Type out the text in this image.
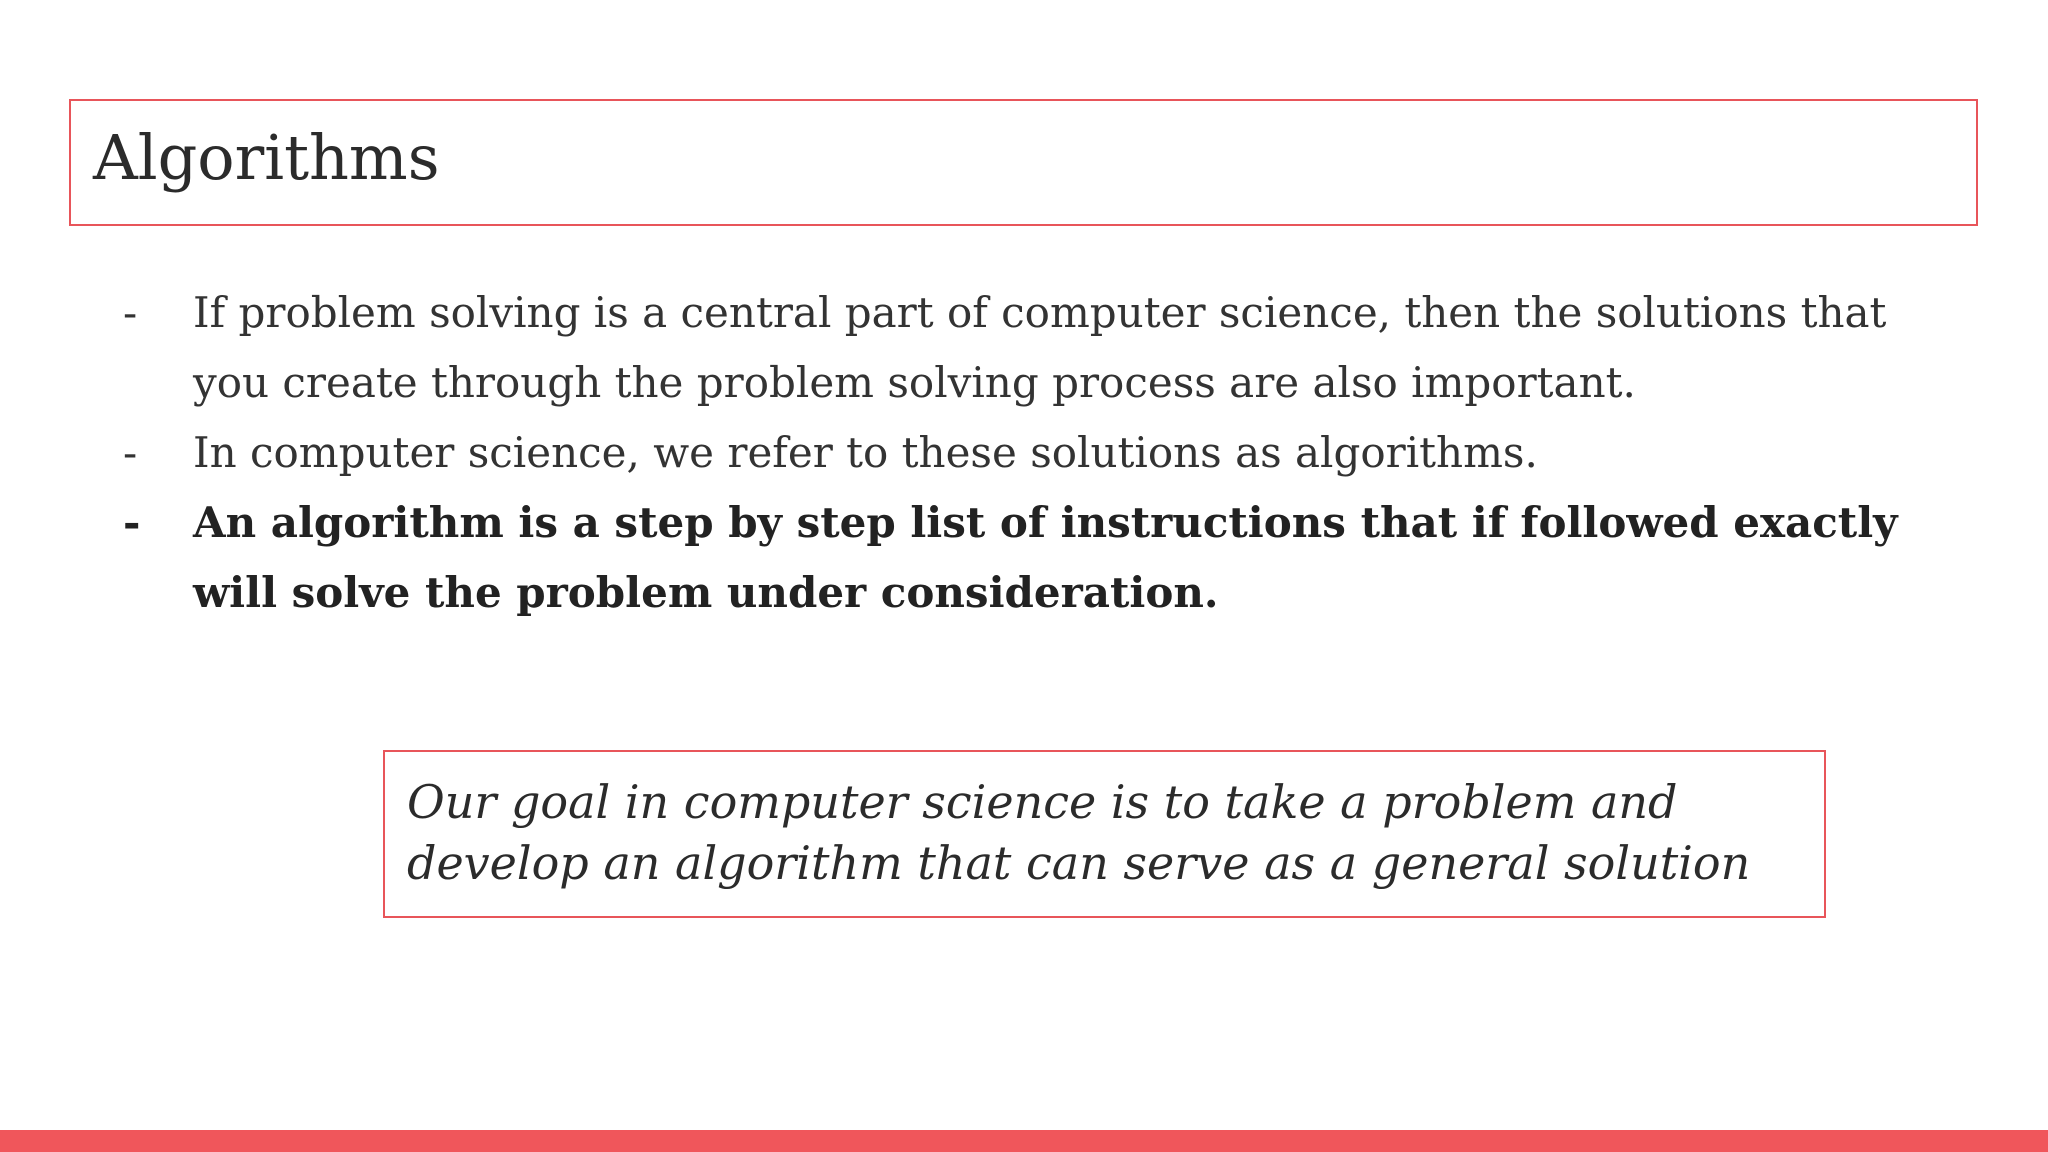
Algorithms
- If problem solving is a central part of computer science, then the solutions that you create through the problem solving process are also important.
- In computer science, we refer to these solutions as algorithms.
- An algorithm is a step by step list of instructions that if followed exactly will solve the problem under consideration.

Our goal in computer science is to take a problem and develop an algorithm that can serve as a general solution
